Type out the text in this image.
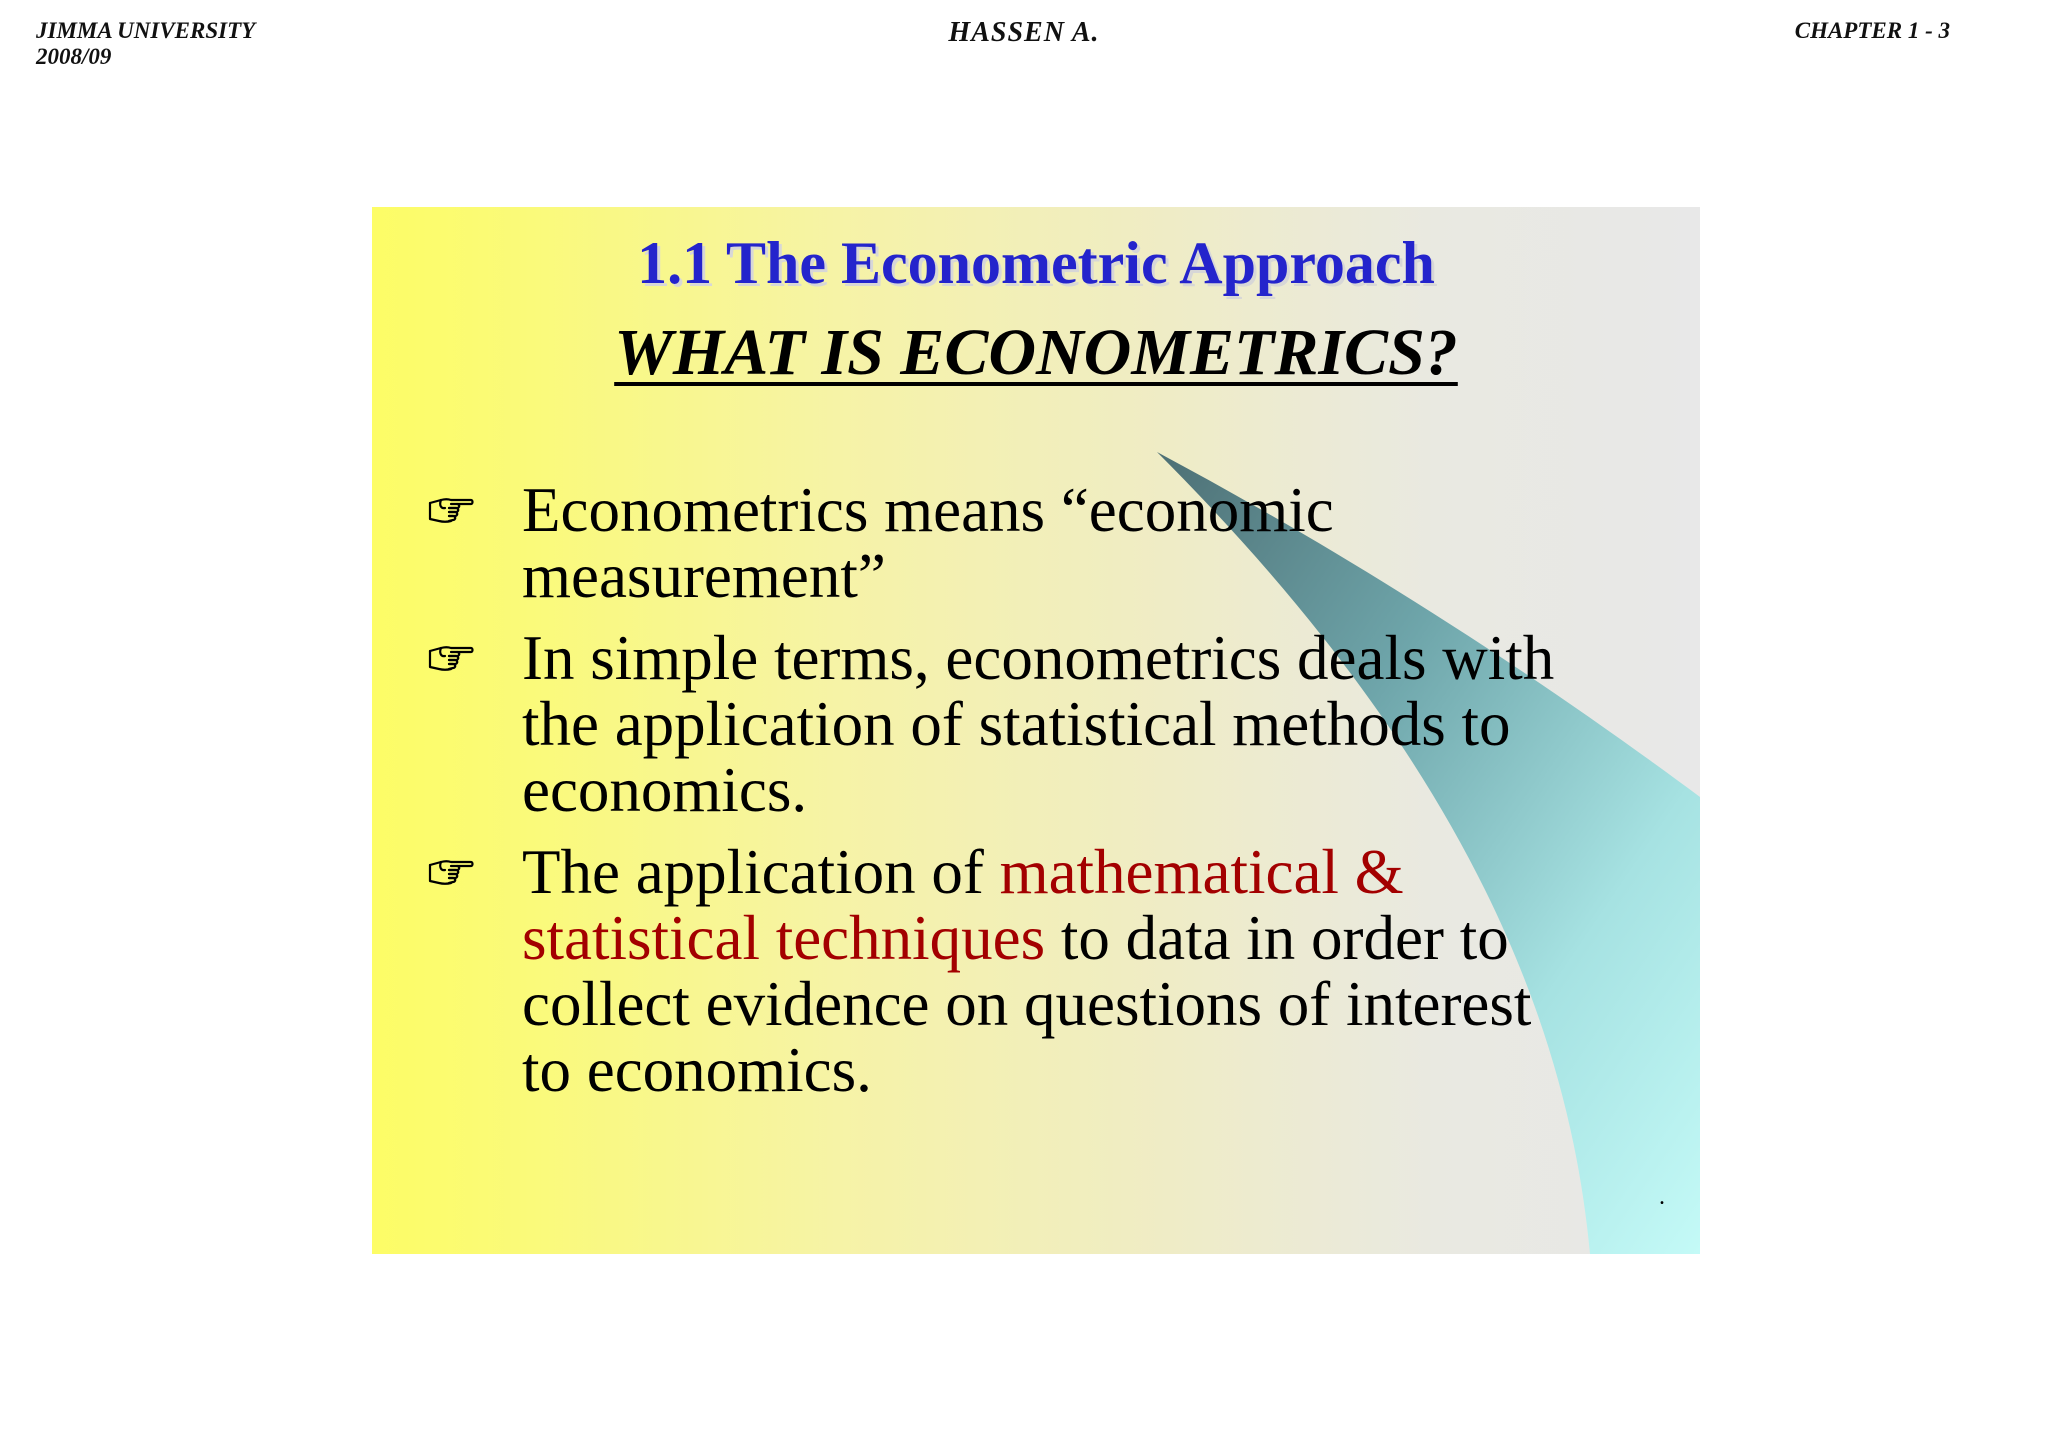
JIMMA UNIVERSITY
2008/09
HASSEN A.	CHAPTER 1 - 3
1.1 The Econometric Approach
WHAT IS ECONOMETRICS?
Econometrics means “economic measurement”
In simple terms, econometrics deals with the application of statistical methods to economics.
The application of mathematical & statistical techniques to data in order to collect evidence on questions of interest to economics.
.
